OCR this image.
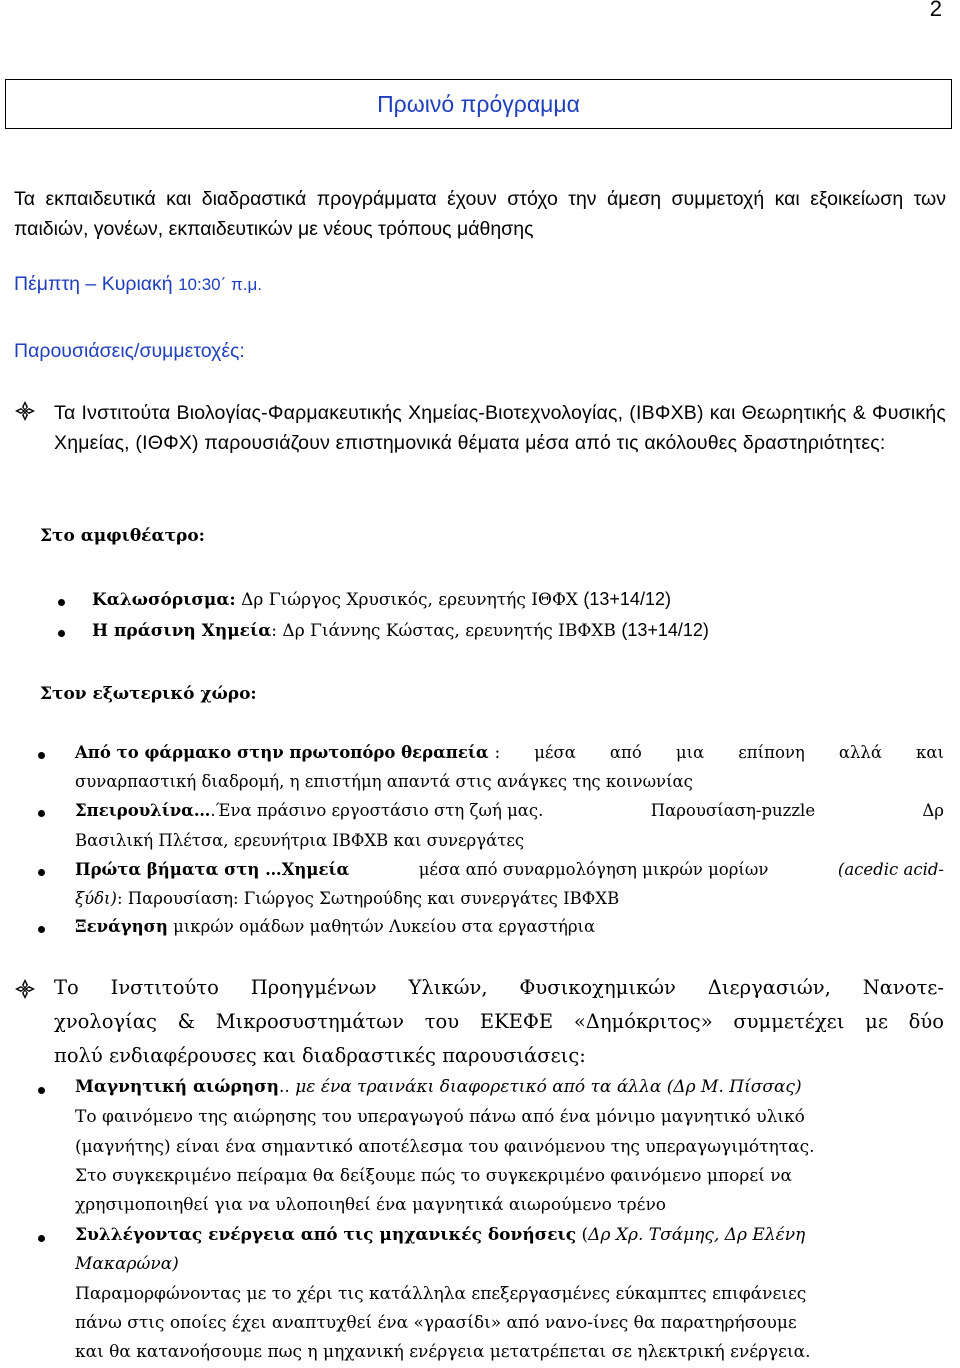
2
Πρωινό πρόγραμμα
Τα εκπαιδευτικά και διαδραστικά προγράμματα έχουν στόχο την άμεση συμμετοχή και εξοικείωση των παιδιών, γονέων, εκπαιδευτικών με νέους τρόπους μάθησης
Πέμπτη – Κυριακή 10:30΄ π.μ.
Παρουσιάσεις/συμμετοχές:
Τα Ινστιτούτα Βιολογίας-Φαρμακευτικής Χημείας-Βιοτεχνολογίας, (ΙΒΦΧΒ) και Θεωρητικής & Φυσικής Χημείας, (ΙΘΦΧ) παρουσιάζουν επιστημονικά θέματα μέσα από τις ακόλουθες δραστηριότητες:
Στο αμφιθέατρο:
Καλωσόρισμα: Δρ Γιώργος Χρυσικός, ερευνητής ΙΘΦΧ (13+14/12)
Η πράσινη Χημεία: Δρ Γιάννης Κώστας, ερευνητής ΙΒΦΧΒ (13+14/12)
Στον εξωτερικό χώρο:
Από το φάρμακο στην πρωτοπόρο θεραπεία : μέσα από μια επίπονη αλλά και
συναρπαστική διαδρομή, η επιστήμη απαντά στις ανάγκες της κοινωνίας
Σπειρουλίνα….Ένα πράσινο εργοστάσιο στη ζωή μας.	Παρουσίαση-puzzle	Δρ
Βασιλική Πλέτσα, ερευνήτρια ΙΒΦΧΒ και συνεργάτες
Πρώτα βήματα στη …Χημεία	μέσα από συναρμολόγηση μικρών μορίων	(acedic acid-
ξύδι): Παρουσίαση: Γιώργος Σωτηρούδης και συνεργάτες ΙΒΦΧΒ
Ξενάγηση μικρών ομάδων μαθητών Λυκείου στα εργαστήρια
Το Ινστιτούτο Προηγμένων Υλικών, Φυσικοχημικών Διεργασιών, Νανοτε-
χνολογίας & Μικροσυστημάτων του ΕΚΕΦΕ «Δημόκριτος» συμμετέχει με δύο
πολύ ενδιαφέρουσες και διαδραστικές παρουσιάσεις:
Μαγνητική αιώρηση.. με ένα τραινάκι διαφορετικό από τα άλλα (Δρ Μ. Πίσσας)
Το φαινόμενο της αιώρησης του υπεραγωγού πάνω από ένα μόνιμο μαγνητικό υλικό
(μαγνήτης) είναι ένα σημαντικό αποτέλεσμα του φαινόμενου της υπεραγωγιμότητας.
Στο συγκεκριμένο πείραμα θα δείξουμε πώς το συγκεκριμένο φαινόμενο μπορεί να
χρησιμοποιηθεί για να υλοποιηθεί ένα μαγνητικά αιωρούμενο τρένο
Συλλέγοντας ενέργεια από τις μηχανικές δονήσεις (Δρ Χρ. Τσάμης, Δρ Ελένη
Μακαρώνα)
Παραμορφώνοντας με το χέρι τις κατάλληλα επεξεργασμένες εύκαμπτες επιφάνειες
πάνω στις οποίες έχει αναπτυχθεί ένα «γρασίδι» από νανο-ίνες θα παρατηρήσουμε
και θα κατανοήσουμε πως η μηχανική ενέργεια μετατρέπεται σε ηλεκτρική ενέργεια.
